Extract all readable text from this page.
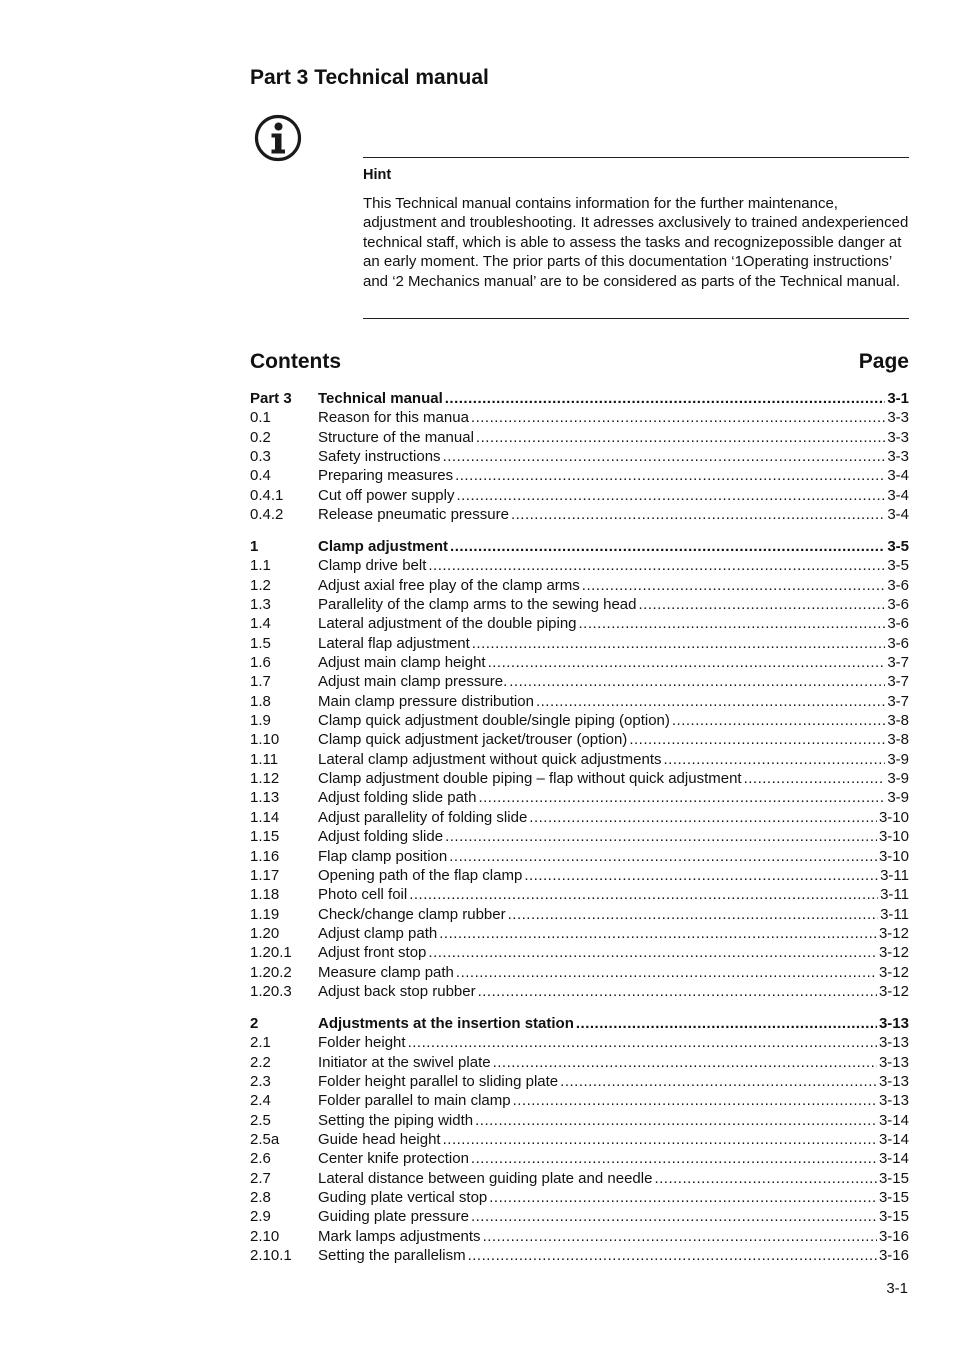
Part 3 Technical manual
Hint
This Technical manual contains information for the further maintenance, adjustment and troubleshooting. It adresses axclusively to trained andexperienced technical staff, which is able to assess the tasks and recognizepossible danger at an early moment. The prior parts of this documentation ‘1Operating instructions’ and ‘2 Mechanics manual’ are to be considered as parts of the Technical manual.
Contents	Page
Part 3	Technical manual .....	3-1
0.1	Reason for this manua .....	3-3
0.2	Structure of the manual .....	3-3
0.3	Safety instructions .....	3-3
0.4	Preparing measures .....	3-4
0.4.1	Cut off power supply .....	3-4
0.4.2	Release pneumatic pressure .....	3-4
1	Clamp adjustment .....	3-5
1.1	Clamp drive belt .....	3-5
1.2	Adjust axial free play of the clamp arms .....	3-6
1.3	Parallelity of the clamp arms to the sewing head .....	3-6
1.4	Lateral adjustment of the double piping .....	3-6
1.5	Lateral flap adjustment .....	3-6
1.6	Adjust main clamp height .....	3-7
1.7	Adjust main clamp pressure. .....	3-7
1.8	Main clamp pressure distribution .....	3-7
1.9	Clamp quick adjustment double/single piping (option) .....	3-8
1.10	Clamp quick adjustment jacket/trouser (option) .....	3-8
1.11	Lateral clamp adjustment without quick adjustments .....	3-9
1.12	Clamp adjustment double piping – flap without quick adjustment .....	3-9
1.13	Adjust folding slide path .....	3-9
1.14	Adjust parallelity of folding slide .....	3-10
1.15	Adjust folding slide .....	3-10
1.16	Flap clamp position .....	3-10
1.17	Opening path of the flap clamp .....	3-11
1.18	Photo cell foil .....	3-11
1.19	Check/change clamp rubber .....	3-11
1.20	Adjust clamp path .....	3-12
1.20.1	Adjust front stop .....	3-12
1.20.2	Measure clamp path .....	3-12
1.20.3	Adjust back stop rubber .....	3-12
2	Adjustments at the insertion station .....	3-13
2.1	Folder height .....	3-13
2.2	Initiator at the swivel plate .....	3-13
2.3	Folder height parallel to sliding plate .....	3-13
2.4	Folder parallel to main clamp .....	3-13
2.5	Setting the piping width .....	3-14
2.5a	Guide head height .....	3-14
2.6	Center knife protection .....	3-14
2.7	Lateral distance between guiding plate and needle .....	3-15
2.8	Guding plate vertical stop .....	3-15
2.9	Guiding plate pressure .....	3-15
2.10	Mark lamps adjustments .....	3-16
2.10.1	Setting the parallelism .....	3-16
3-1
